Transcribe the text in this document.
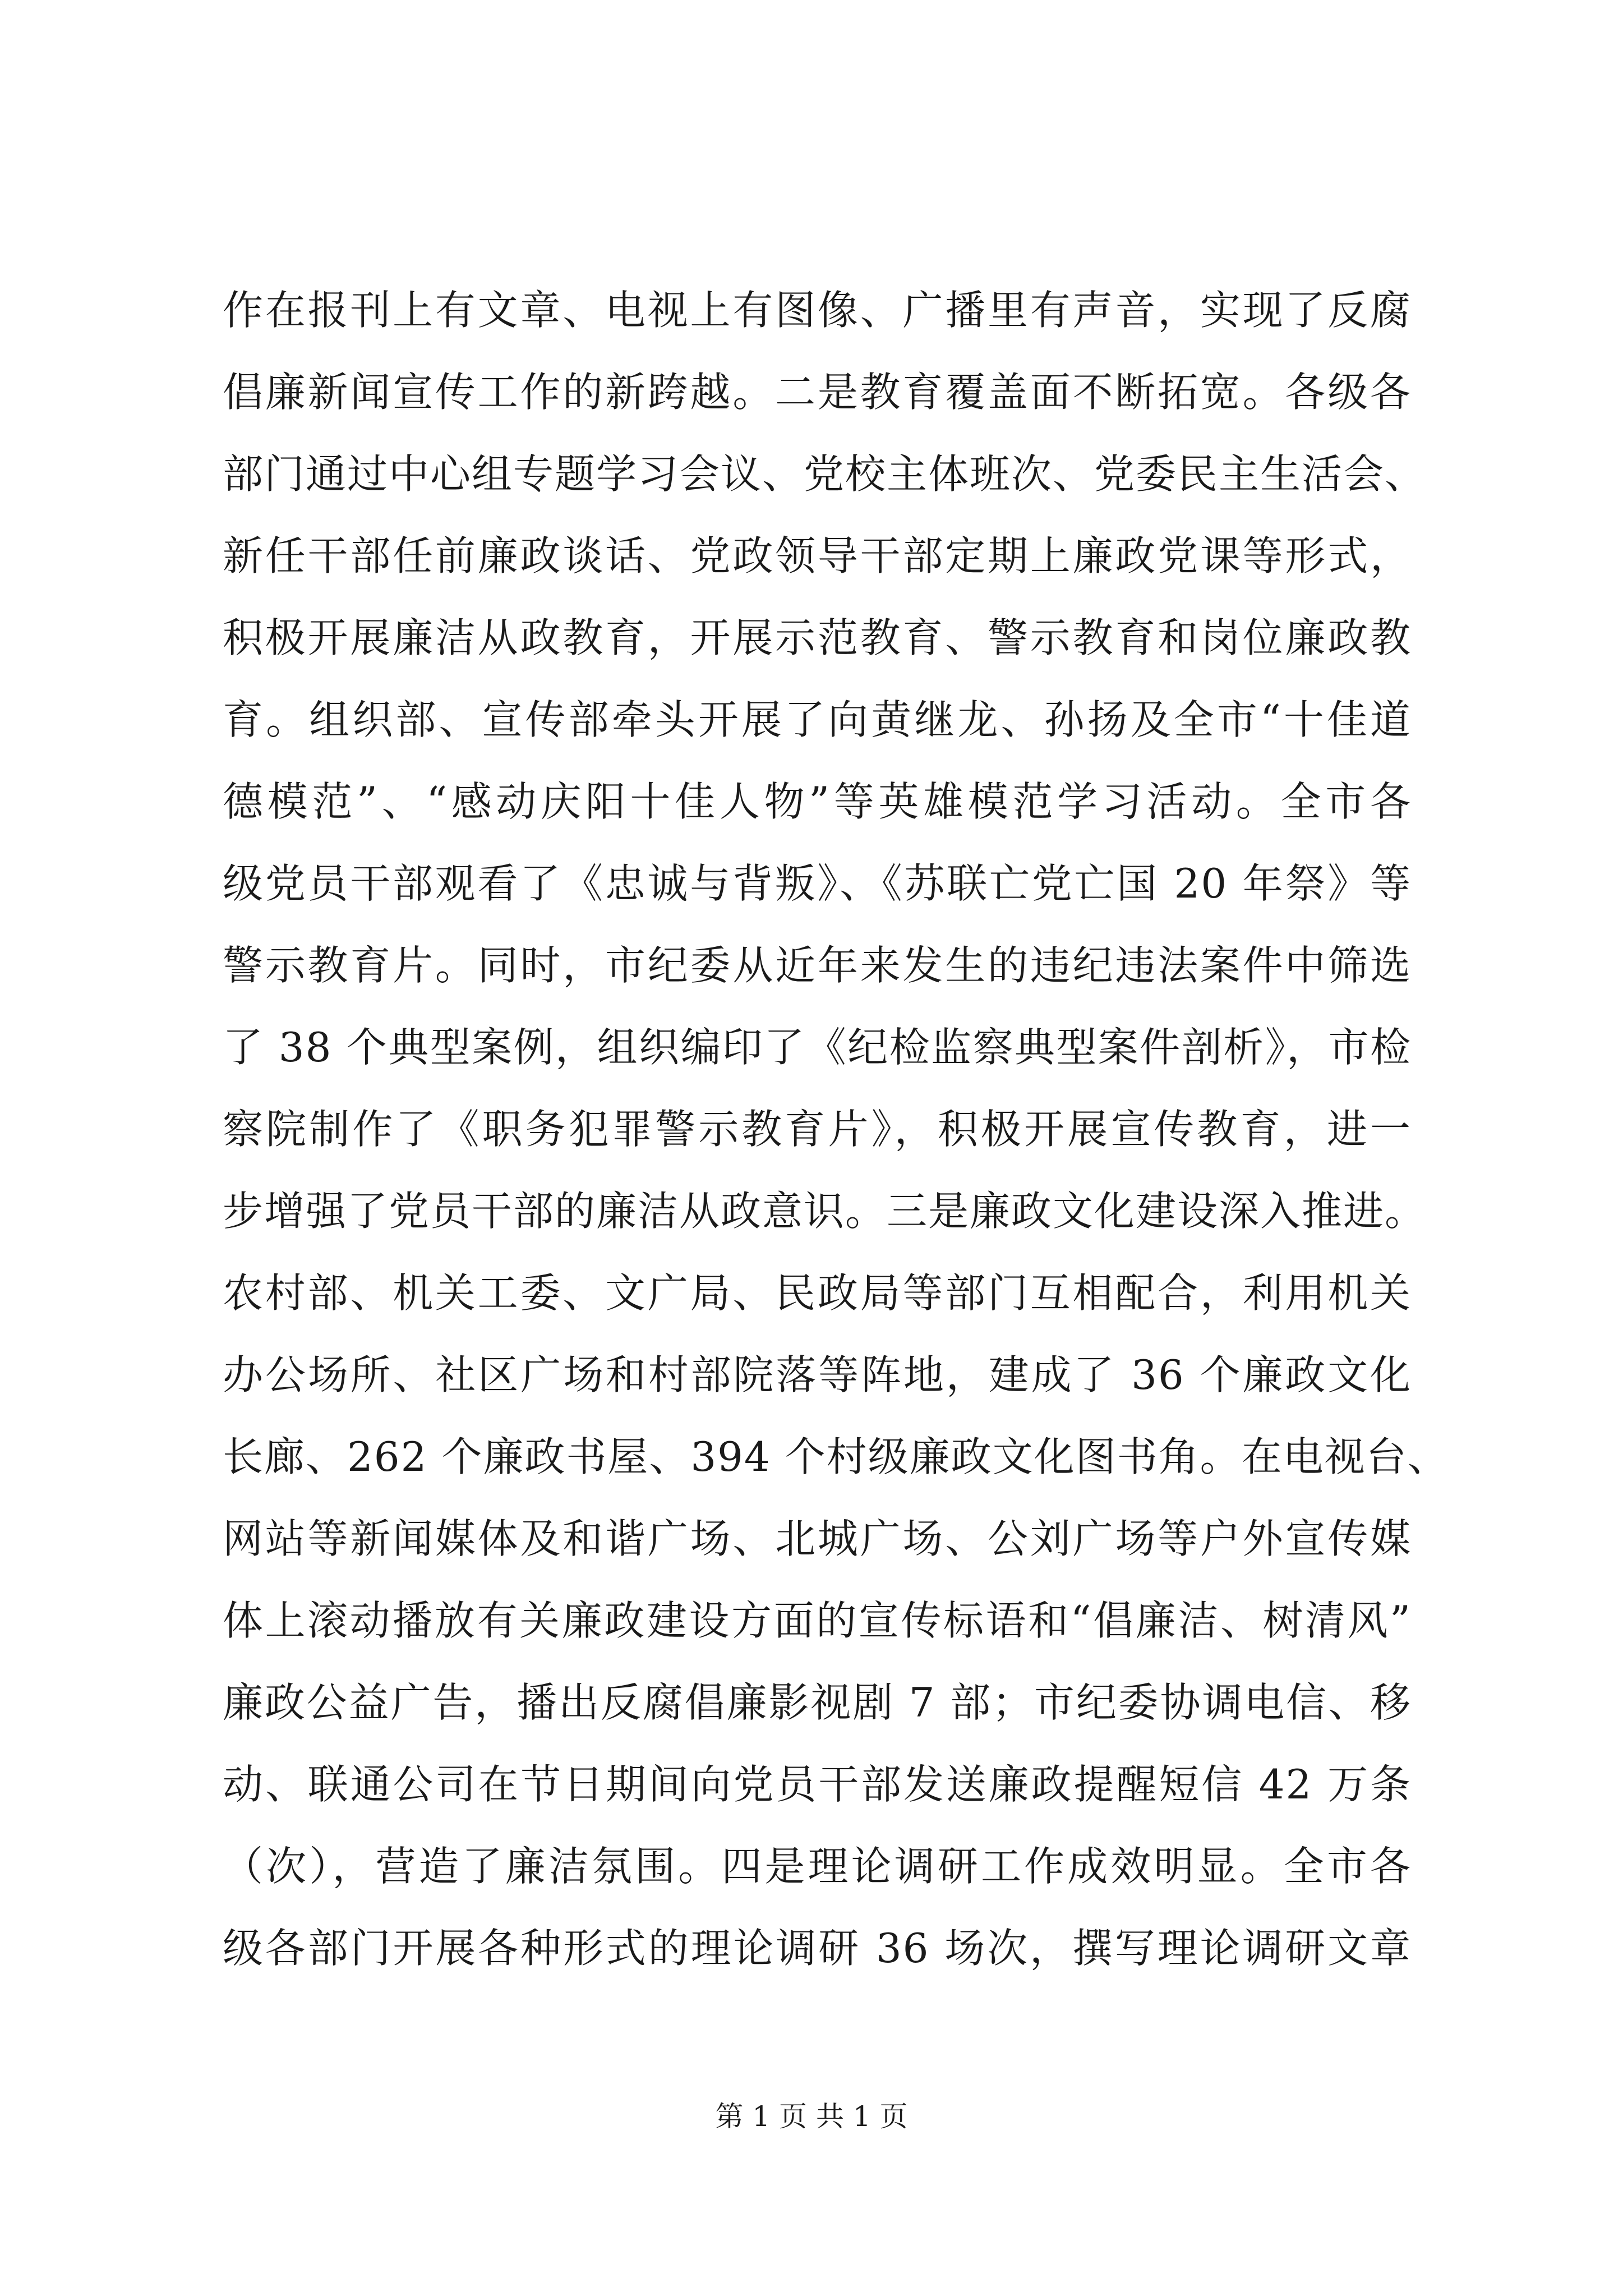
作在报刊上有文章、电视上有图像、广播里有声音，实现了反腐
倡廉新闻宣传工作的新跨越。二是教育覆盖面不断拓宽。各级各
部门通过中心组专题学习会议、党校主体班次、党委民主生活会、
新任干部任前廉政谈话、党政领导干部定期上廉政党课等形式，
积极开展廉洁从政教育，开展示范教育、警示教育和岗位廉政教
育。组织部、宣传部牵头开展了向黄继龙、孙扬及全市“十佳道
德模范”、“感动庆阳十佳人物”等英雄模范学习活动。全市各
级党员干部观看了《忠诚与背叛》、《苏联亡党亡国 20 年祭》等
警示教育片。同时，市纪委从近年来发生的违纪违法案件中筛选
了 38 个典型案例，组织编印了《纪检监察典型案件剖析》，市检
察院制作了《职务犯罪警示教育片》，积极开展宣传教育，进一
步增强了党员干部的廉洁从政意识。三是廉政文化建设深入推进。
农村部、机关工委、文广局、民政局等部门互相配合，利用机关
办公场所、社区广场和村部院落等阵地，建成了 36 个廉政文化
长廊、262 个廉政书屋、394 个村级廉政文化图书角。在电视台、
网站等新闻媒体及和谐广场、北城广场、公刘广场等户外宣传媒
体上滚动播放有关廉政建设方面的宣传标语和“倡廉洁、树清风”
廉政公益广告，播出反腐倡廉影视剧 7 部；市纪委协调电信、移
动、联通公司在节日期间向党员干部发送廉政提醒短信 42 万条
（次），营造了廉洁氛围。四是理论调研工作成效明显。全市各
级各部门开展各种形式的理论调研 36 场次，撰写理论调研文章
第 1 页 共 1 页
